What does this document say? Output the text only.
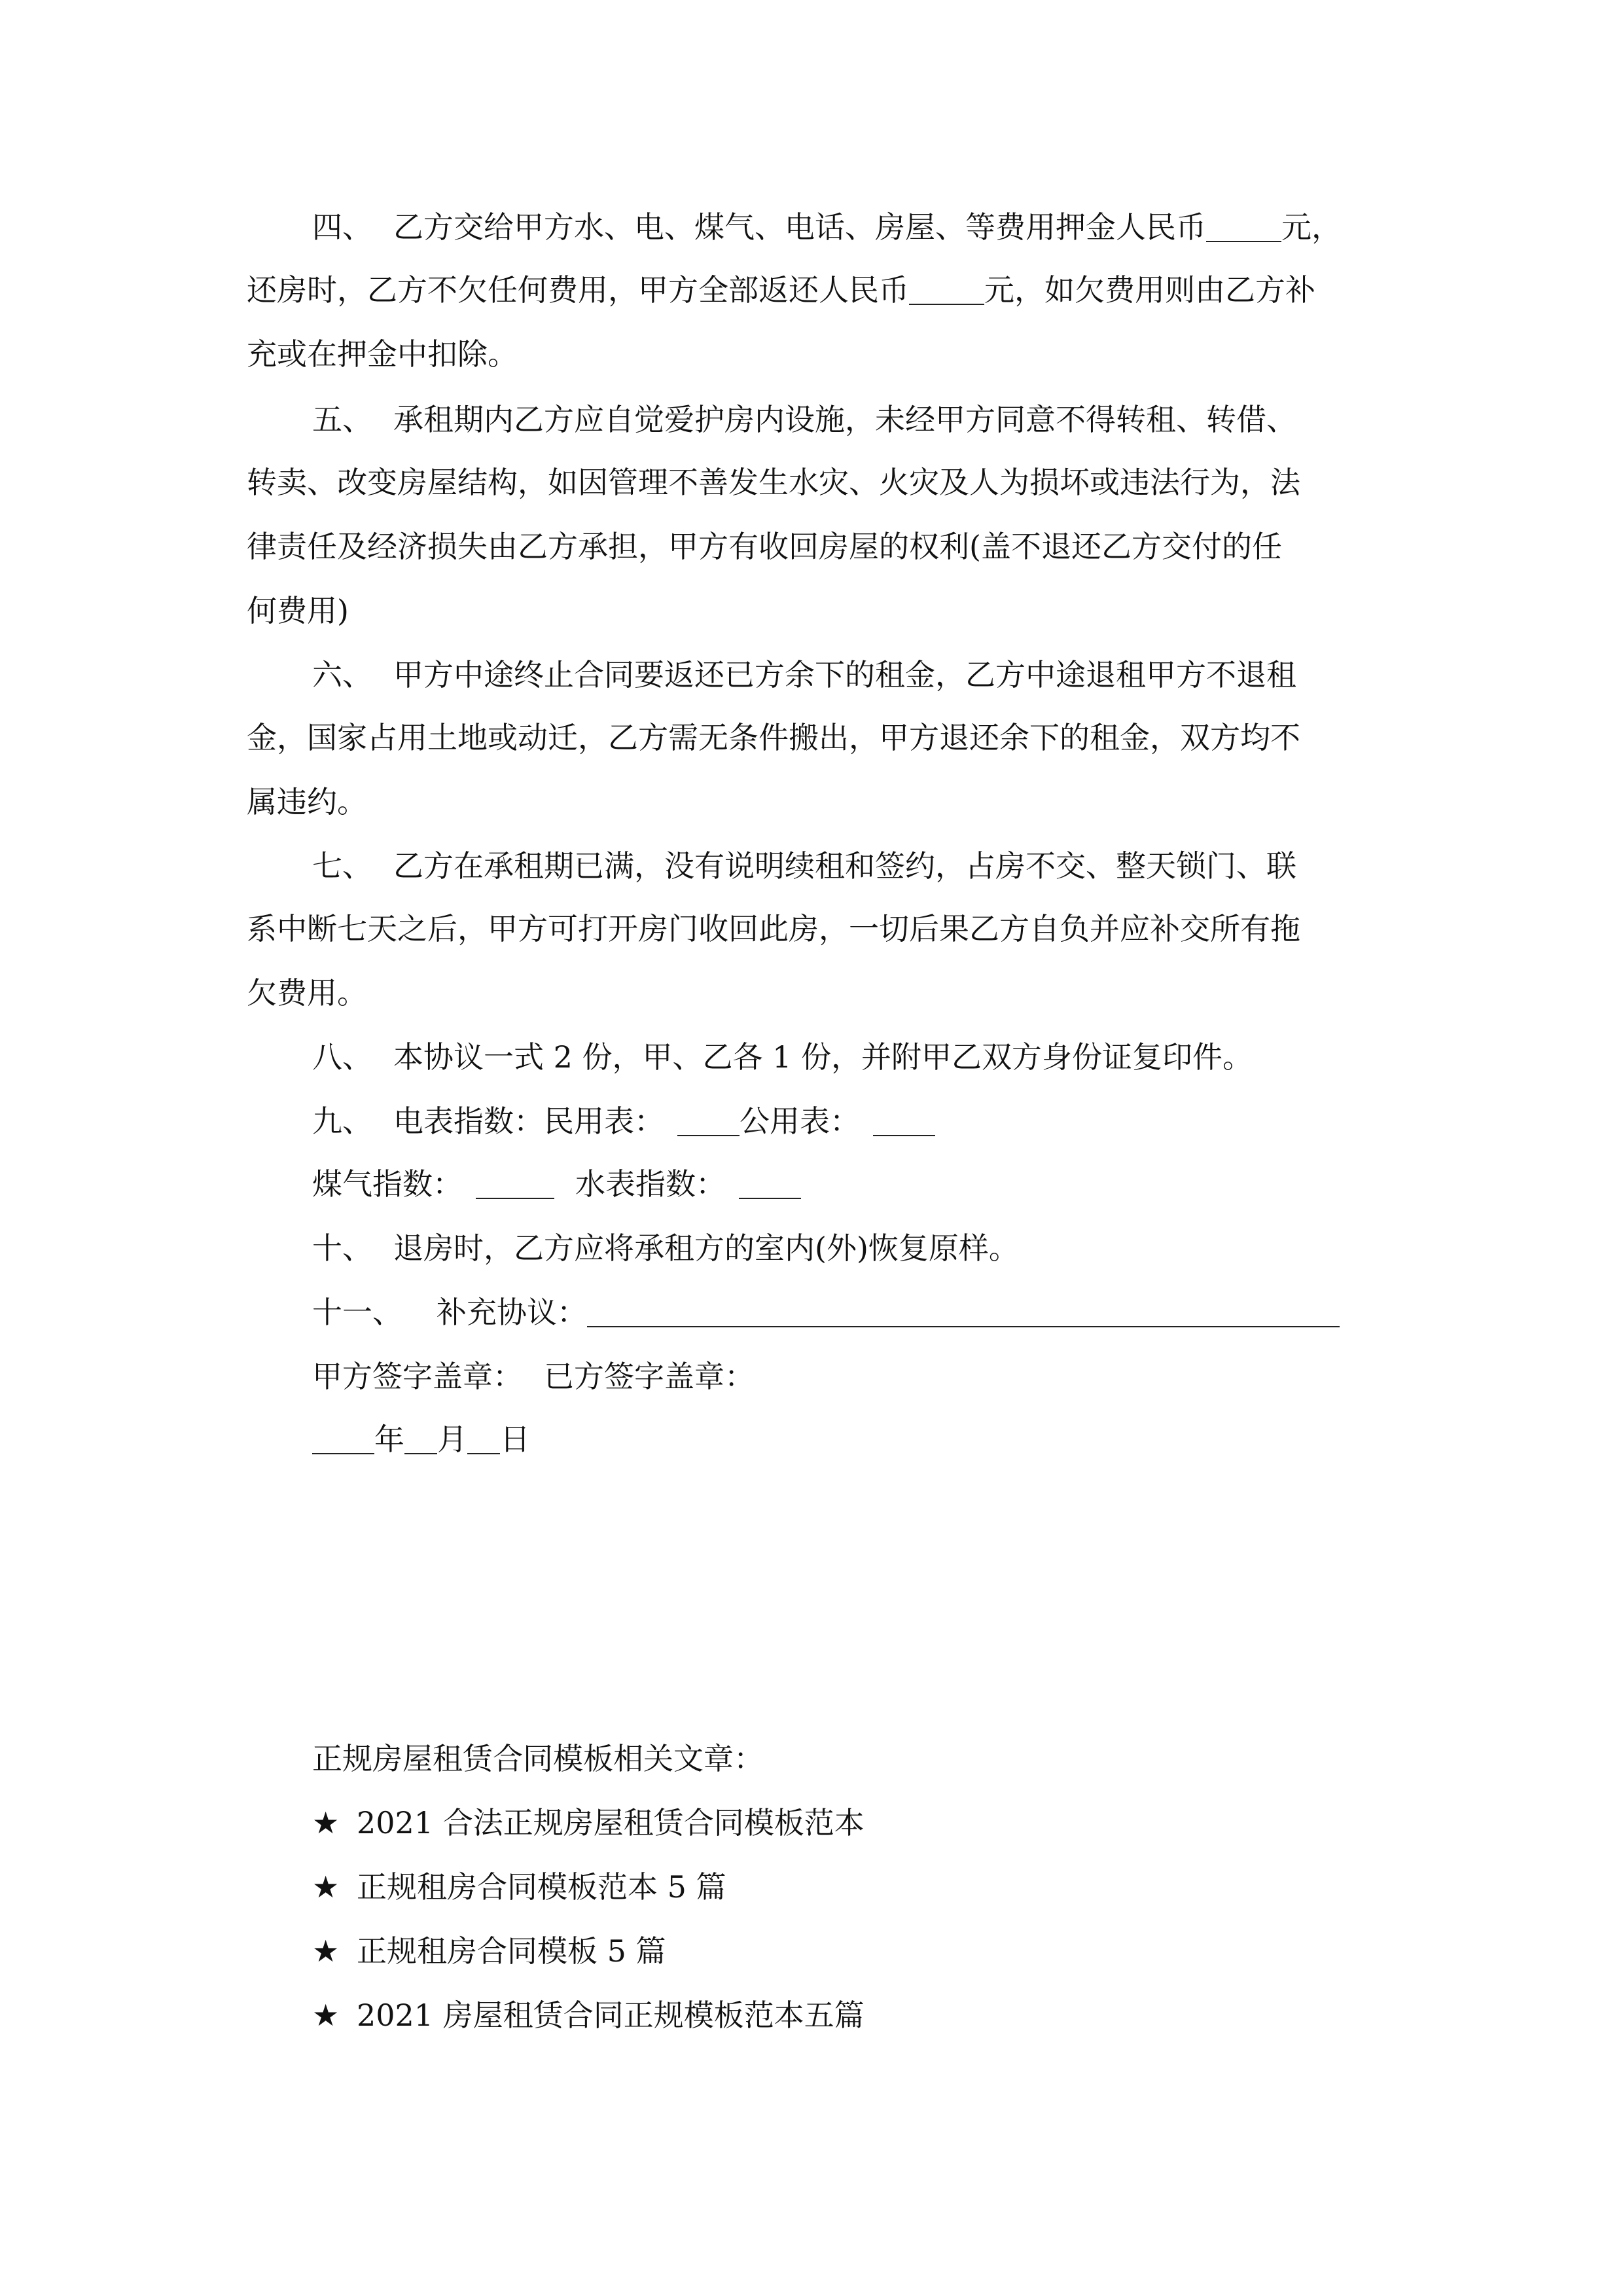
四、 乙方交给甲方水、电、煤气、电话、房屋、等费用押金人民币	元，
还房时，乙方不欠任何费用，甲方全部返还人民币	元，如欠费用则由乙方补
充或在押金中扣除。
五、 承租期内乙方应自觉爱护房内设施，未经甲方同意不得转租、转借、
转卖、改变房屋结构，如因管理不善发生水灾、火灾及人为损坏或违法行为，法
律责任及经济损失由乙方承担，甲方有收回房屋的权利(盖不退还乙方交付的任
何费用)
六、 甲方中途终止合同要返还已方余下的租金，乙方中途退租甲方不退租
金，国家占用土地或动迁，乙方需无条件搬出，甲方退还余下的租金，双方均不
属违约。
七、 乙方在承租期已满，没有说明续租和签约，占房不交、整天锁门、联
系中断七天之后，甲方可打开房门收回此房，一切后果乙方自负并应补交所有拖
欠费用。
八、 本协议一式 2 份，甲、乙各 1 份，并附甲乙双方身份证复印件。
九、 电表指数：民用表：	公用表：
煤气指数：	水表指数：
十、 退房时，乙方应将承租方的室内(外)恢复原样。
十一、 补充协议：
甲方签字盖章： 已方签字盖章：
年 月 日
正规房屋租赁合同模板相关文章：
★ 2021 合法正规房屋租赁合同模板范本
★ 正规租房合同模板范本 5 篇
★ 正规租房合同模板 5 篇
★ 2021 房屋租赁合同正规模板范本五篇
